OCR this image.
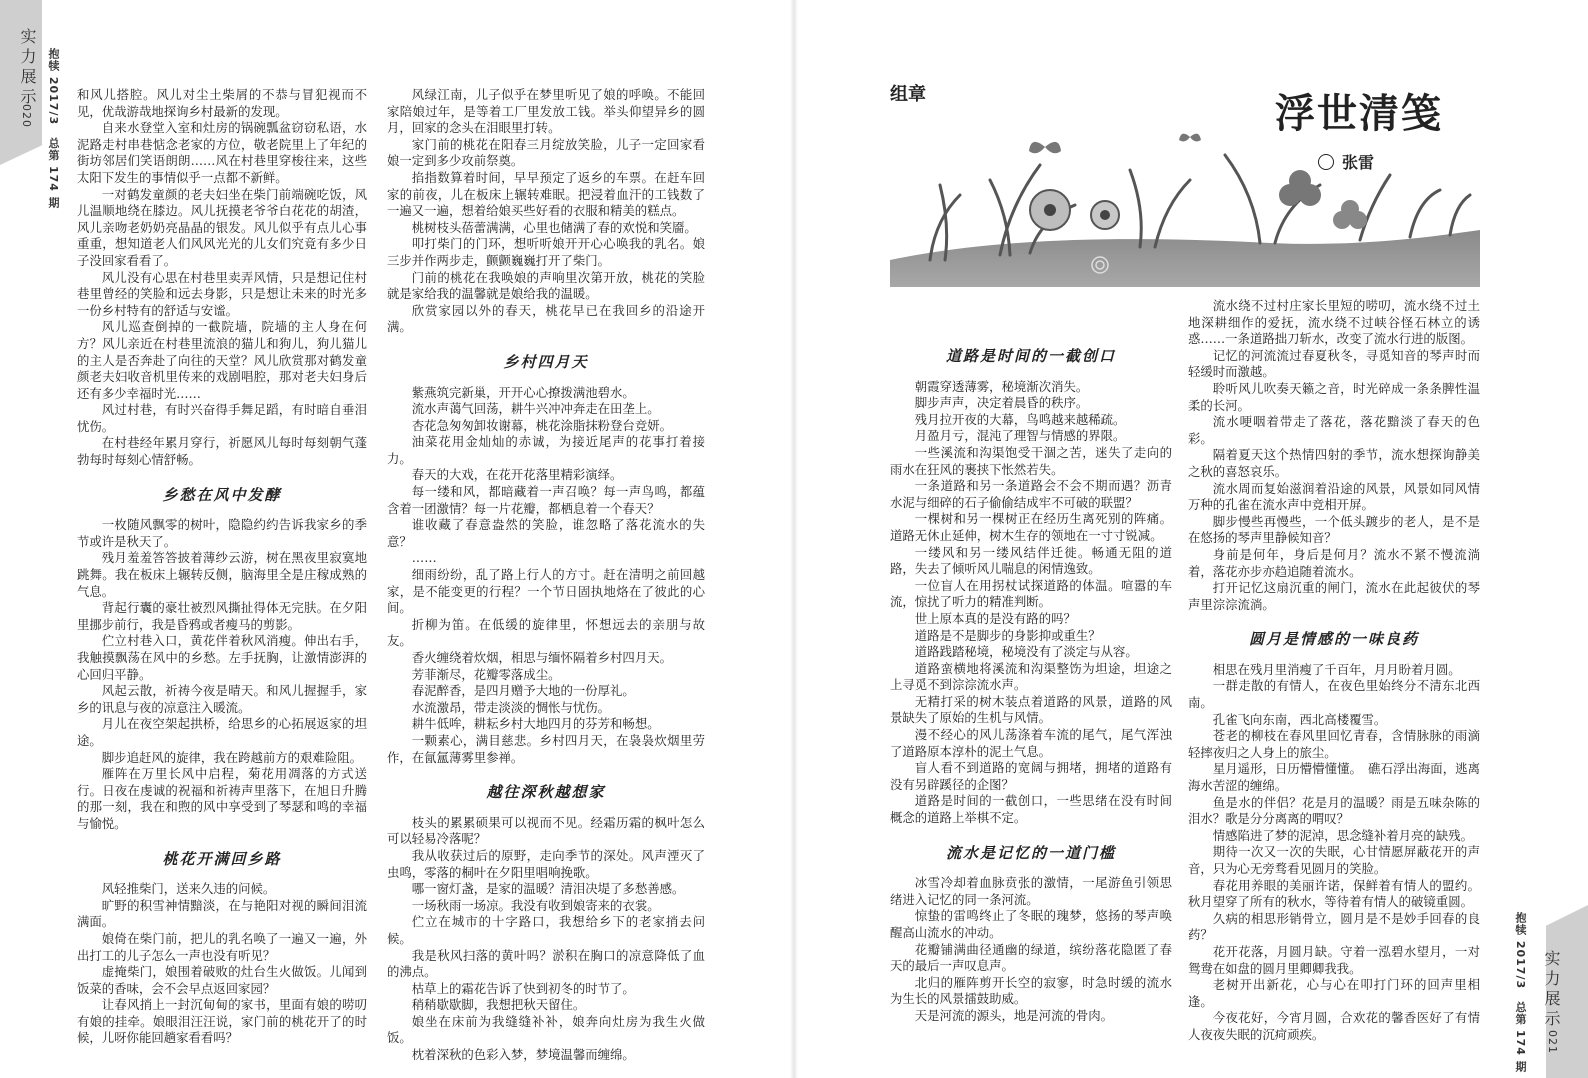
实力展示
020 抱犊 2017/3　总第 174 期 和风儿搭腔。风儿对尘土柴屑的不恭与冒犯视而不见，优哉游哉地探询乡村最新的发现。

自来水登堂入室和灶房的锅碗瓢盆窃窃私语，水泥路走村串巷惦念老家的方位，敬老院里上了年纪的街坊邻居们笑语朗朗……风在村巷里穿梭往来，这些太阳下发生的事情似乎一点都不新鲜。

一对鹤发童颜的老夫妇坐在柴门前端碗吃饭，风儿温顺地绕在膝边。风儿抚摸老爷爷白花花的胡渣，风儿亲吻老奶奶亮晶晶的银发。风儿似乎有点儿心事重重，想知道老人们风风光光的儿女们究竟有多少日子没回家看看了。

风儿没有心思在村巷里卖弄风情，只是想记住村巷里曾经的笑脸和远去身影，只是想让未来的时光多一份乡村特有的舒适与安谧。

风儿巡查倒掉的一截院墙，院墙的主人身在何方？风儿亲近在村巷里流浪的猫儿和狗儿，狗儿猫儿的主人是否奔赴了向往的天堂？风儿欣赏那对鹤发童颜老夫妇收音机里传来的戏剧唱腔，那对老夫妇身后还有多少幸福时光……

风过村巷，有时兴奋得手舞足蹈，有时暗自垂泪忧伤。

在村巷经年累月穿行，祈愿风儿每时每刻朝气蓬勃每时每刻心情舒畅。

乡愁在风中发酵

一枚随风飘零的树叶，隐隐约约告诉我家乡的季节或许是秋天了。

残月羞羞答答披着薄纱云游，树在黑夜里寂寞地跳舞。我在板床上辗转反侧，脑海里全是庄稼成熟的气息。

背起行囊的豪壮被烈风撕扯得体无完肤。在夕阳里挪步前行，我是昏鸦或者瘦马的剪影。

伫立村巷入口，黄花伴着秋风消瘦。伸出右手，我触摸飘荡在风中的乡愁。左手抚胸，让激情澎湃的心回归平静。

风起云散，祈祷今夜是晴天。和风儿握握手，家乡的讯息与夜的凉意注入暖流。

月儿在夜空架起拱桥，给思乡的心拓展返家的坦途。

脚步追赶风的旋律，我在跨越前方的艰难险阻。

雁阵在万里长风中启程，菊花用凋落的方式送行。日夜在虔诚的祝福和祈祷声里落下，在旭日升腾的那一刻，我在和煦的风中享受到了琴瑟和鸣的幸福与愉悦。

桃花开满回乡路

风轻推柴门，送来久违的问候。

旷野的积雪神情黯淡，在与艳阳对视的瞬间泪流满面。

娘倚在柴门前，把儿的乳名唤了一遍又一遍，外出打工的儿子怎么一声也没有听见？

虚掩柴门，娘围着破败的灶台生火做饭。儿闻到饭菜的香味，会不会早点返回家园？

让春风捎上一封沉甸甸的家书，里面有娘的唠叨有娘的挂牵。娘眼泪汪汪说，家门前的桃花开了的时候，儿呀你能回趟家看看吗？

风绿江南，儿子似乎在梦里听见了娘的呼唤。不能回家陪娘过年，是等着工厂里发放工钱。举头仰望异乡的圆月，回家的念头在泪眼里打转。

家门前的桃花在阳春三月绽放笑脸，儿子一定回家看娘一定到多少攻前祭奠。

掐指数算着时间，早早预定了返乡的车票。在赶车回家的前夜，儿在板床上辗转难眠。把浸着血汗的工钱数了一遍又一遍，想着给娘买些好看的衣服和精美的糕点。

桃树枝头蓓蕾满满，心里也储满了春的欢悦和笑靥。

叩打柴门的门环，想听听娘开开心心唤我的乳名。娘三步并作两步走，颤颤巍巍打开了柴门。

门前的桃花在我唤娘的声响里次第开放，桃花的笑脸就是家给我的温馨就是娘给我的温暖。

欣赏家园以外的春天，桃花早已在我回乡的沿途开满。

乡村四月天

紫燕筑完新巢，开开心心撩拨满池碧水。

流水声蔼气回荡，耕牛兴冲冲奔走在田垄上。

杏花急匆匆卸妆谢幕，桃花涂脂抹粉登台竞妍。

油菜花用金灿灿的赤诚，为接近尾声的花事打着接力。

春天的大戏，在花开花落里精彩演绎。

每一缕和风，都暗藏着一声召唤？每一声鸟鸣，都蕴含着一团激情？每一片花瓣，都栖息着一个春天？

谁收藏了春意盎然的笑脸，谁忽略了落花流水的失意？

……

细雨纷纷，乱了路上行人的方寸。赶在清明之前回越家，是不能变更的行程？一个节日固执地烙在了彼此的心间。

折柳为笛。在低缓的旋律里，怀想远去的亲朋与故友。

香火缠绕着炊烟，相思与缅怀隔着乡村四月天。

芳菲渐尽，花瓣零落成尘。

春泥醉香，是四月赠予大地的一份厚礼。

水流激昂，带走淡淡的惆怅与忧伤。

耕牛低哞，耕耘乡村大地四月的芬芳和畅想。

一颗素心，满目慈悲。乡村四月天，在袅袅炊烟里劳作，在氤氲薄雾里参禅。

越往深秋越想家

枝头的累累硕果可以视而不见。经霜历霜的枫叶怎么可以轻易冷落呢？

我从收获过后的原野，走向季节的深处。风声湮灭了虫鸣，零落的桐叶在夕阳里唱响挽歌。

哪一窗灯盏，是家的温暖？清泪决堤了多愁善感。

一场秋雨一场凉。我没有收到娘寄来的衣裳。

伫立在城市的十字路口，我想给乡下的老家捎去问候。

我是秋风扫落的黄叶吗？淤积在胸口的凉意降低了血的沸点。

枯草上的霜花告诉了快到初冬的时节了。

稍稍歇歇脚，我想把秋天留住。

娘坐在床前为我缝缝补补，娘奔向灶房为我生火做饭。

枕着深秋的色彩入梦，梦境温馨而缠绵。	抱犊 2017/3　总第 174 期 实力展示
021
组章	浮世清笺
张雷
道路是时间的一截创口

朝霞穿透薄雾，秘境渐次消失。

脚步声声，决定着晨昏的秩序。

残月拉开夜的大幕，鸟鸣越来越稀疏。

月盈月亏，混沌了理智与情感的界限。

一些溪流和沟渠饱受干涸之苦，迷失了走向的雨水在狂风的裹挟下怅然若失。

一条道路和另一条道路会不会不期而遇？沥青水泥与细碎的石子偷偷结成牢不可破的联盟？

一棵树和另一棵树正在经历生离死别的阵痛。道路无休止延伸，树木生存的领地在一寸寸锐减。

一缕风和另一缕风结伴迁徙。畅通无阻的道路，失去了倾听风儿喘息的闲情逸致。

一位盲人在用拐杖试探道路的体温。喧嚣的车流，惊扰了听力的精准判断。

世上原本真的是没有路的吗？

道路是不是脚步的身影抑或重生？

道路践踏秘境，秘境没有了淡定与从容。

道路蛮横地将溪流和沟渠整饬为坦途，坦途之上寻觅不到淙淙流水声。

无精打采的树木装点着道路的风景，道路的风景缺失了原始的生机与风情。

漫不经心的风儿荡涤着车流的尾气，尾气浑浊了道路原本淳朴的泥土气息。

盲人看不到道路的宽阔与拥堵，拥堵的道路有没有另辟蹊径的企图？

道路是时间的一截创口，一些思绪在没有时间概念的道路上举棋不定。

流水是记忆的一道门槛

冰雪冷却着血脉贲张的激情，一尾游鱼引领思绪进入记忆的同一条河流。

惊蛰的雷鸣终止了冬眠的瑰梦，悠扬的琴声唤醒高山流水的冲动。

花瓣铺满曲径通幽的绿道，缤纷落花隐匿了春天的最后一声叹息声。

北归的雁阵剪开长空的寂寥，时急时缓的流水为生长的风景擂鼓助威。

天是河流的源头，地是河流的骨肉。

流水绕不过村庄家长里短的唠叨，流水绕不过土地深耕细作的爱抚，流水绕不过峡谷怪石林立的诱惑……一条道路拙刀斩水，改变了流水行进的版图。

记忆的河流流过春夏秋冬，寻觅知音的琴声时而轻缓时而激越。

聆听风儿吹奏天籁之音，时光碎成一条条脾性温柔的长河。

流水哽咽着带走了落花，落花黯淡了春天的色彩。

隔着夏天这个热情四射的季节，流水想探询静美之秋的喜怒哀乐。

流水周而复始滋润着沿途的风景，风景如同风情万种的孔雀在流水声中竞相开屏。

脚步慢些再慢些，一个低头踱步的老人，是不是在悠扬的琴声里静候知音？

身前是何年，身后是何月？流水不紧不慢流淌着，落花亦步亦趋追随着流水。

打开记忆这扇沉重的闸门，流水在此起彼伏的琴声里淙淙流淌。

圆月是情感的一味良药

相思在残月里消瘦了千百年，月月盼着月圆。

一群走散的有情人，在夜色里始终分不清东北西南。

孔雀飞向东南，西北高楼覆雪。

苍老的柳枝在春风里回忆青春，含情脉脉的雨滴轻摔夜归之人身上的旅尘。

星月遥形，日历懵懵懂懂。　礁石浮出海面，逃离海水苦涩的缠绵。

鱼是水的伴侣？花是月的温暖？雨是五味杂陈的泪水？歌是分分离离的喟叹？

情感陷进了梦的泥淖，思念缝补着月亮的缺残。

期待一次又一次的失眠，心甘情愿屏蔽花开的声音，只为心无旁骛看见圆月的笑脸。

春花用养眼的美丽许诺，保鲜着有情人的盟约。秋月望穿了所有的秋水，等待着有情人的破镜重圆。

久病的相思形销骨立，圆月是不是妙手回春的良药？

花开花落，月圆月缺。守着一泓碧水望月，一对鸳鸯在如盘的圆月里卿卿我我。

老树开出新花，心与心在叩打门环的回声里相逢。

今夜花好，今宵月圆，合欢花的馨香医好了有情人夜夜失眠的沉疴顽疾。
